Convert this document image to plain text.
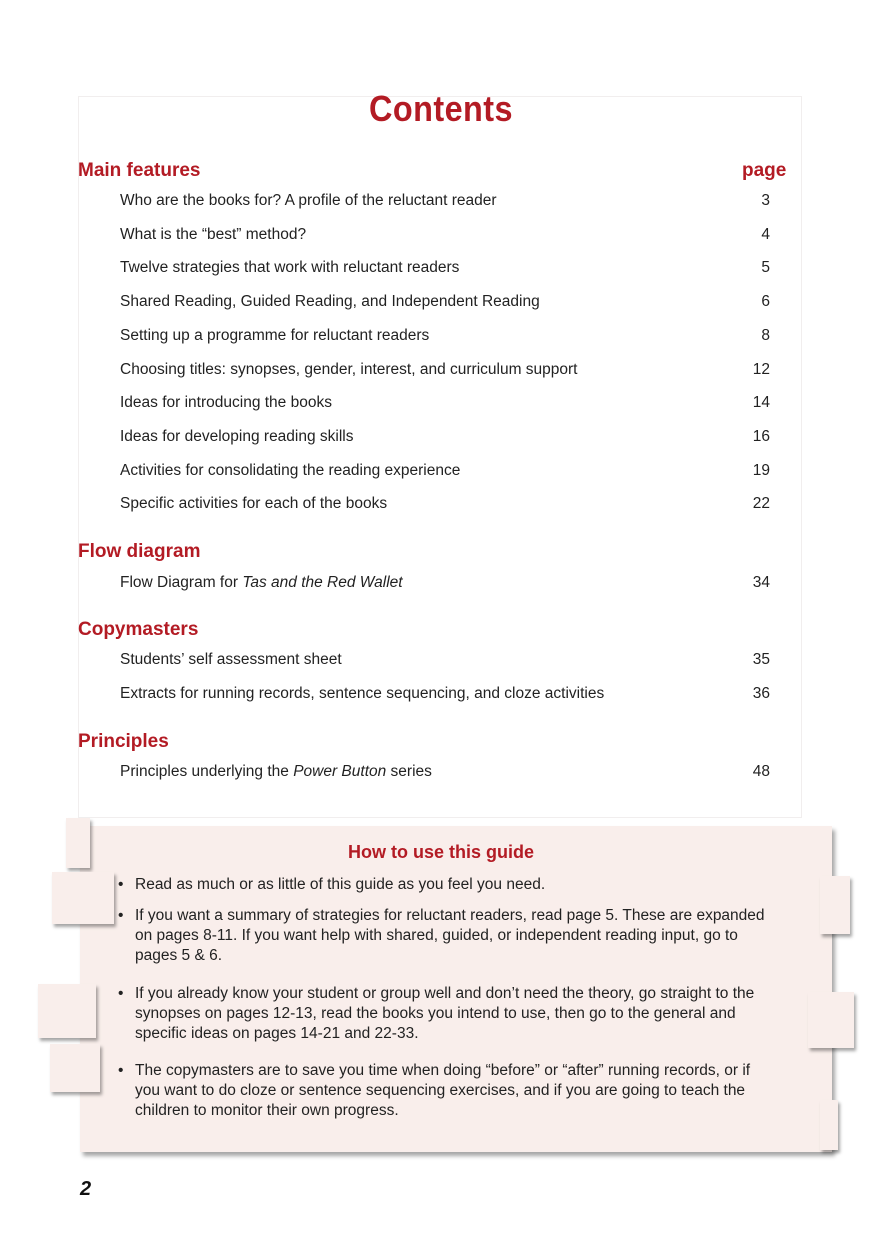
Contents
Main features	page
Who are the books for? A profile of the reluctant reader	3
What is the “best” method?	4
Twelve strategies that work with reluctant readers	5
Shared Reading, Guided Reading, and Independent Reading	6
Setting up a programme for reluctant readers	8
Choosing titles: synopses, gender, interest, and curriculum support	12
Ideas for introducing the books	14
Ideas for developing reading skills	16
Activities for consolidating the reading experience	19
Specific activities for each of the books	22
Flow diagram
Flow Diagram for Tas and the Red Wallet	34
Copymasters
Students’ self assessment sheet	35
Extracts for running records, sentence sequencing, and cloze activities	36
Principles
Principles underlying the Power Button series	48
How to use this guide
• Read as much or as little of this guide as you feel you need.
• If you want a summary of strategies for reluctant readers, read page 5. These are expanded on pages 8-11. If you want help with shared, guided, or independent reading input, go to pages 5 & 6.
• If you already know your student or group well and don’t need the theory, go straight to the synopses on pages 12-13, read the books you intend to use, then go to the general and specific ideas on pages 14-21 and 22-33.
• The copymasters are to save you time when doing “before” or “after” running records, or if you want to do cloze or sentence sequencing exercises, and if you are going to teach the children to monitor their own progress.
2
